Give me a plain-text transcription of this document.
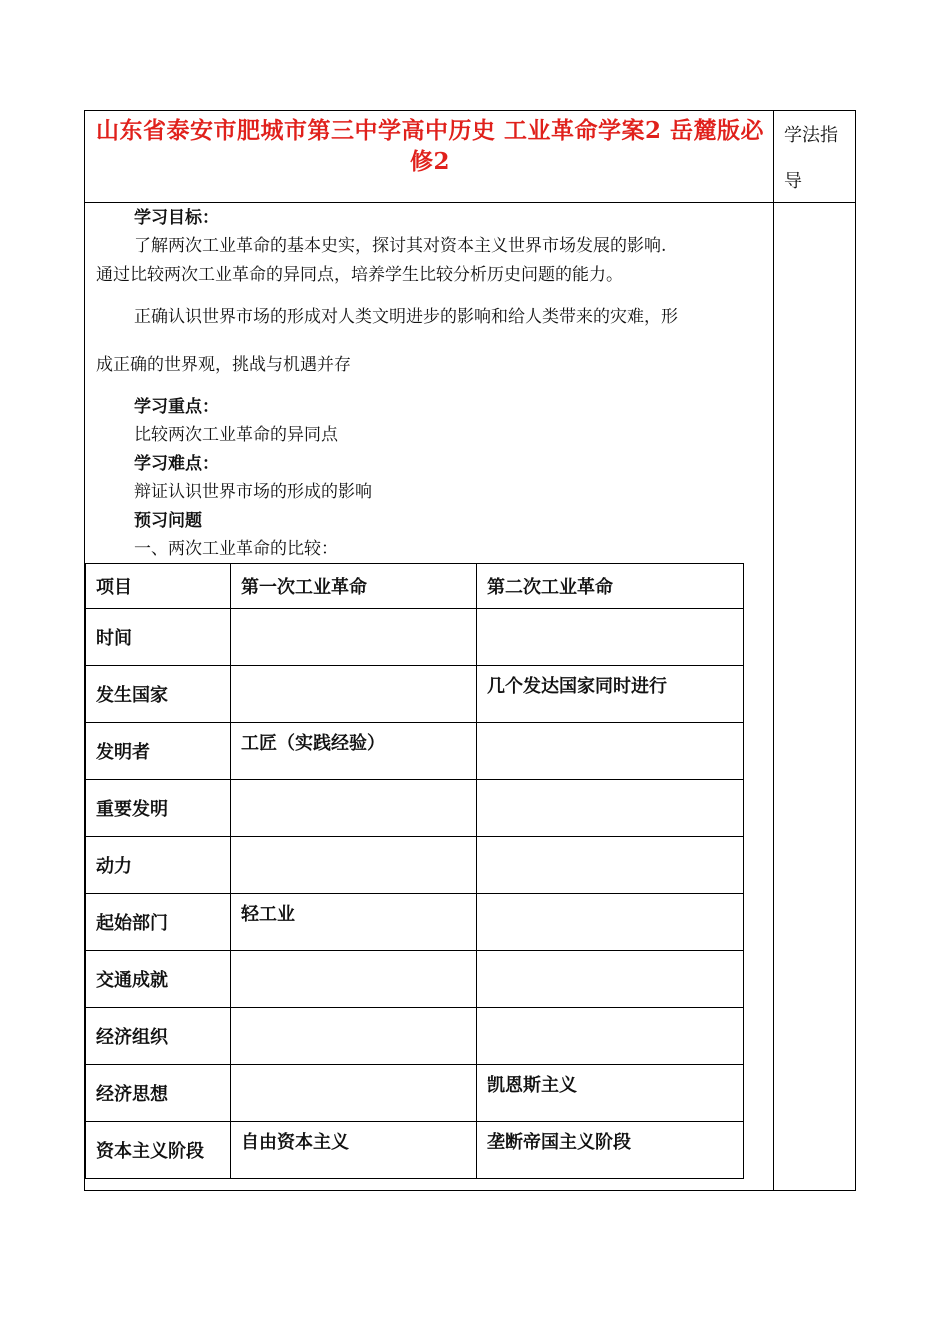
山东省泰安市肥城市第三中学高中历史 工业革命学案2 岳麓版必修2
学法指
导
学习目标：
了解两次工业革命的基本史实，探讨其对资本主义世界市场发展的影响.
通过比较两次工业革命的异同点，培养学生比较分析历史问题的能力。
正确认识世界市场的形成对人类文明进步的影响和给人类带来的灾难，形
成正确的世界观，挑战与机遇并存
学习重点：
比较两次工业革命的异同点
学习难点：
辩证认识世界市场的形成的影响
预习问题
一、两次工业革命的比较：
项目	第一次工业革命	第二次工业革命
时间		
发生国家		几个发达国家同时进行
发明者	工匠（实践经验）	
重要发明		
动力		
起始部门	轻工业	
交通成就		
经济组织		
经济思想		凯恩斯主义
资本主义阶段	自由资本主义	垄断帝国主义阶段
